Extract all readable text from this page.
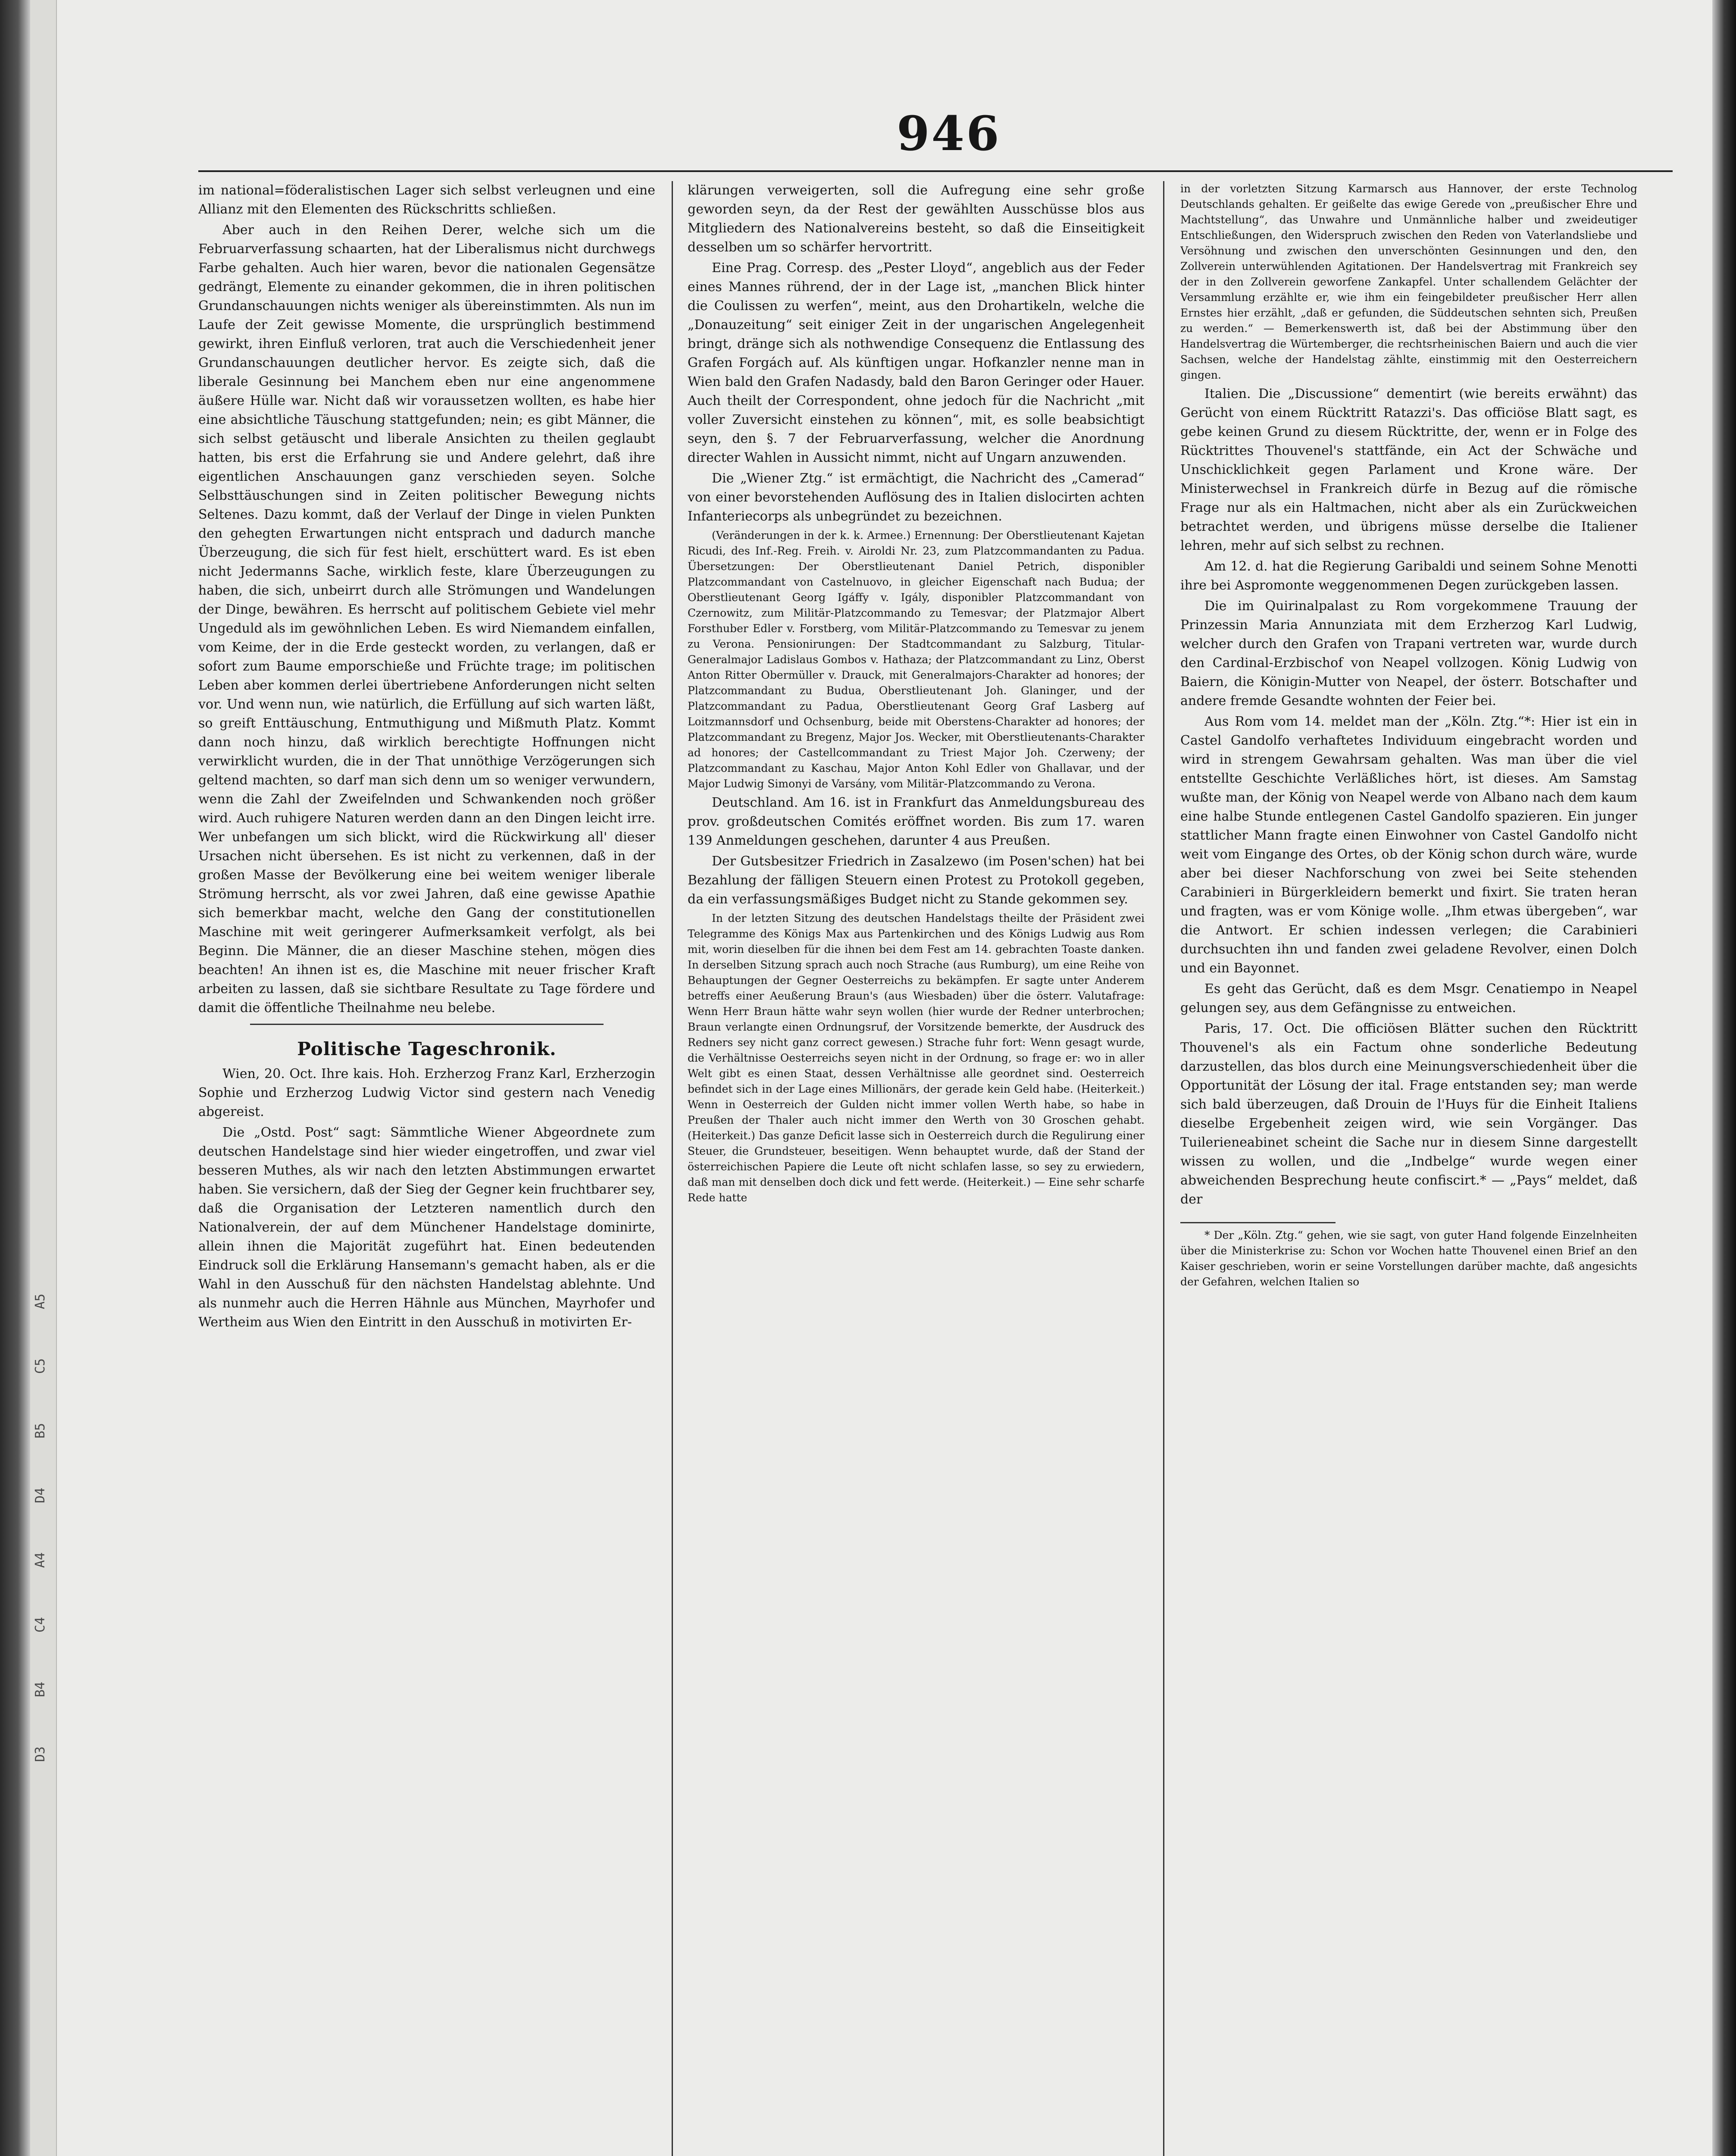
A5
C5
B5
D4
A4
C4
B4
D3
946

im national=föderalistischen Lager sich selbst verleugnen und eine Allianz mit den Elementen des Rückschritts schließen.

Aber auch in den Reihen Derer, welche sich um die Februarverfassung schaarten, hat der Liberalismus nicht durchwegs Farbe gehalten. Auch hier waren, bevor die nationalen Gegensätze gedrängt, Elemente zu einander gekommen, die in ihren politischen Grundanschauungen nichts weniger als übereinstimmten. Als nun im Laufe der Zeit gewisse Momente, die ursprünglich bestimmend gewirkt, ihren Einfluß verloren, trat auch die Verschiedenheit jener Grundanschauungen deutlicher hervor. Es zeigte sich, daß die liberale Gesinnung bei Manchem eben nur eine angenommene äußere Hülle war. Nicht daß wir voraussetzen wollten, es habe hier eine absichtliche Täuschung stattgefunden; nein; es gibt Männer, die sich selbst getäuscht und liberale Ansichten zu theilen geglaubt hatten, bis erst die Erfahrung sie und Andere gelehrt, daß ihre eigentlichen Anschauungen ganz verschieden seyen. Solche Selbsttäuschungen sind in Zeiten politischer Bewegung nichts Seltenes. Dazu kommt, daß der Verlauf der Dinge in vielen Punkten den gehegten Erwartungen nicht entsprach und dadurch manche Überzeugung, die sich für fest hielt, erschüttert ward. Es ist eben nicht Jedermanns Sache, wirklich feste, klare Überzeugungen zu haben, die sich, unbeirrt durch alle Strömungen und Wandelungen der Dinge, bewähren. Es herrscht auf politischem Gebiete viel mehr Ungeduld als im gewöhnlichen Leben. Es wird Niemandem einfallen, vom Keime, der in die Erde gesteckt worden, zu verlangen, daß er sofort zum Baume emporschieße und Früchte trage; im politischen Leben aber kommen derlei übertriebene Anforderungen nicht selten vor. Und wenn nun, wie natürlich, die Erfüllung auf sich warten läßt, so greift Enttäuschung, Entmuthigung und Mißmuth Platz. Kommt dann noch hinzu, daß wirklich berechtigte Hoffnungen nicht verwirklicht wurden, die in der That unnöthige Verzögerungen sich geltend machten, so darf man sich denn um so weniger verwundern, wenn die Zahl der Zweifelnden und Schwankenden noch größer wird. Auch ruhigere Naturen werden dann an den Dingen leicht irre. Wer unbefangen um sich blickt, wird die Rückwirkung all' dieser Ursachen nicht übersehen. Es ist nicht zu verkennen, daß in der großen Masse der Bevölkerung eine bei weitem weniger liberale Strömung herrscht, als vor zwei Jahren, daß eine gewisse Apathie sich bemerkbar macht, welche den Gang der constitutionellen Maschine mit weit geringerer Aufmerksamkeit verfolgt, als bei Beginn. Die Männer, die an dieser Maschine stehen, mögen dies beachten! An ihnen ist es, die Maschine mit neuer frischer Kraft arbeiten zu lassen, daß sie sichtbare Resultate zu Tage fördere und damit die öffentliche Theilnahme neu belebe.

Politische Tageschronik.

Wien, 20. Oct. Ihre kais. Hoh. Erzherzog Franz Karl, Erzherzogin Sophie und Erzherzog Ludwig Victor sind gestern nach Venedig abgereist.

Die „Ostd. Post“ sagt: Sämmtliche Wiener Abgeordnete zum deutschen Handelstage sind hier wieder eingetroffen, und zwar viel besseren Muthes, als wir nach den letzten Abstimmungen erwartet haben. Sie versichern, daß der Sieg der Gegner kein fruchtbarer sey, daß die Organisation der Letzteren namentlich durch den Nationalverein, der auf dem Münchener Handelstage dominirte, allein ihnen die Majorität zugeführt hat. Einen bedeutenden Eindruck soll die Erklärung Hansemann's gemacht haben, als er die Wahl in den Ausschuß für den nächsten Handelstag ablehnte. Und als nunmehr auch die Herren Hähnle aus München, Mayrhofer und Wertheim aus Wien den Eintritt in den Ausschuß in motivirten Er-

klärungen verweigerten, soll die Aufregung eine sehr große geworden seyn, da der Rest der gewählten Ausschüsse blos aus Mitgliedern des Nationalvereins besteht, so daß die Einseitigkeit desselben um so schärfer hervortritt.

Eine Prag. Corresp. des „Pester Lloyd“, angeblich aus der Feder eines Mannes rührend, der in der Lage ist, „manchen Blick hinter die Coulissen zu werfen“, meint, aus den Drohartikeln, welche die „Donauzeitung“ seit einiger Zeit in der ungarischen Angelegenheit bringt, dränge sich als nothwendige Consequenz die Entlassung des Grafen Forgách auf. Als künftigen ungar. Hofkanzler nenne man in Wien bald den Grafen Nadasdy, bald den Baron Geringer oder Hauer. Auch theilt der Correspondent, ohne jedoch für die Nachricht „mit voller Zuversicht einstehen zu können“, mit, es solle beabsichtigt seyn, den §. 7 der Februarverfassung, welcher die Anordnung directer Wahlen in Aussicht nimmt, nicht auf Ungarn anzuwenden.

Die „Wiener Ztg.“ ist ermächtigt, die Nachricht des „Camerad“ von einer bevorstehenden Auflösung des in Italien dislocirten achten Infanteriecorps als unbegründet zu bezeichnen.

(Veränderungen in der k. k. Armee.) Ernennung: Der Oberstlieutenant Kajetan Ricudi, des Inf.-Reg. Freih. v. Airoldi Nr. 23, zum Platzcommandanten zu Padua. Übersetzungen: Der Oberstlieutenant Daniel Petrich, disponibler Platzcommandant von Castelnuovo, in gleicher Eigenschaft nach Budua; der Oberstlieutenant Georg Igáffy v. Igály, disponibler Platzcommandant von Czernowitz, zum Militär-Platzcommando zu Temesvar; der Platzmajor Albert Forsthuber Edler v. Forstberg, vom Militär-Platzcommando zu Temesvar zu jenem zu Verona. Pensionirungen: Der Stadtcommandant zu Salzburg, Titular-Generalmajor Ladislaus Gombos v. Hathaza; der Platzcommandant zu Linz, Oberst Anton Ritter Obermüller v. Drauck, mit Generalmajors-Charakter ad honores; der Platzcommandant zu Budua, Oberstlieutenant Joh. Glaninger, und der Platzcommandant zu Padua, Oberstlieutenant Georg Graf Lasberg auf Loitzmannsdorf und Ochsenburg, beide mit Oberstens-Charakter ad honores; der Platzcommandant zu Bregenz, Major Jos. Wecker, mit Oberstlieutenants-Charakter ad honores; der Castellcommandant zu Triest Major Joh. Czerweny; der Platzcommandant zu Kaschau, Major Anton Kohl Edler von Ghallavar, und der Major Ludwig Simonyi de Varsány, vom Militär-Platzcommando zu Verona.

Deutschland. Am 16. ist in Frankfurt das Anmeldungsbureau des prov. großdeutschen Comités eröffnet worden. Bis zum 17. waren 139 Anmeldungen geschehen, darunter 4 aus Preußen.

Der Gutsbesitzer Friedrich in Zasalzewo (im Posen'schen) hat bei Bezahlung der fälligen Steuern einen Protest zu Protokoll gegeben, da ein verfassungsmäßiges Budget nicht zu Stande gekommen sey.

In der letzten Sitzung des deutschen Handelstags theilte der Präsident zwei Telegramme des Königs Max aus Partenkirchen und des Königs Ludwig aus Rom mit, worin dieselben für die ihnen bei dem Fest am 14. gebrachten Toaste danken. In derselben Sitzung sprach auch noch Strache (aus Rumburg), um eine Reihe von Behauptungen der Gegner Oesterreichs zu bekämpfen. Er sagte unter Anderem betreffs einer Aeußerung Braun's (aus Wiesbaden) über die österr. Valutafrage: Wenn Herr Braun hätte wahr seyn wollen (hier wurde der Redner unterbrochen; Braun verlangte einen Ordnungsruf, der Vorsitzende bemerkte, der Ausdruck des Redners sey nicht ganz correct gewesen.) Strache fuhr fort: Wenn gesagt wurde, die Verhältnisse Oesterreichs seyen nicht in der Ordnung, so frage er: wo in aller Welt gibt es einen Staat, dessen Verhältnisse alle geordnet sind. Oesterreich befindet sich in der Lage eines Millionärs, der gerade kein Geld habe. (Heiterkeit.) Wenn in Oesterreich der Gulden nicht immer vollen Werth habe, so habe in Preußen der Thaler auch nicht immer den Werth von 30 Groschen gehabt. (Heiterkeit.) Das ganze Deficit lasse sich in Oesterreich durch die Regulirung einer Steuer, die Grundsteuer, beseitigen. Wenn behauptet wurde, daß der Stand der österreichischen Papiere die Leute oft nicht schlafen lasse, so sey zu erwiedern, daß man mit denselben doch dick und fett werde. (Heiterkeit.) — Eine sehr scharfe Rede hatte

in der vorletzten Sitzung Karmarsch aus Hannover, der erste Technolog Deutschlands gehalten. Er geißelte das ewige Gerede von „preußischer Ehre und Machtstellung“, das Unwahre und Unmännliche halber und zweideutiger Entschließungen, den Widerspruch zwischen den Reden von Vaterlandsliebe und Versöhnung und zwischen den unverschönten Gesinnungen und den, den Zollverein unterwühlenden Agitationen. Der Handelsvertrag mit Frankreich sey der in den Zollverein geworfene Zankapfel. Unter schallendem Gelächter der Versammlung erzählte er, wie ihm ein feingebildeter preußischer Herr allen Ernstes hier erzählt, „daß er gefunden, die Süddeutschen sehnten sich, Preußen zu werden.“ — Bemerkenswerth ist, daß bei der Abstimmung über den Handelsvertrag die Würtemberger, die rechtsrheinischen Baiern und auch die vier Sachsen, welche der Handelstag zählte, einstimmig mit den Oesterreichern gingen.

Italien. Die „Discussione“ dementirt (wie bereits erwähnt) das Gerücht von einem Rücktritt Ratazzi's. Das officiöse Blatt sagt, es gebe keinen Grund zu diesem Rücktritte, der, wenn er in Folge des Rücktrittes Thouvenel's stattfände, ein Act der Schwäche und Unschicklichkeit gegen Parlament und Krone wäre. Der Ministerwechsel in Frankreich dürfe in Bezug auf die römische Frage nur als ein Haltmachen, nicht aber als ein Zurückweichen betrachtet werden, und übrigens müsse derselbe die Italiener lehren, mehr auf sich selbst zu rechnen.

Am 12. d. hat die Regierung Garibaldi und seinem Sohne Menotti ihre bei Aspromonte weggenommenen Degen zurückgeben lassen.

Die im Quirinalpalast zu Rom vorgekommene Trauung der Prinzessin Maria Annunziata mit dem Erzherzog Karl Ludwig, welcher durch den Grafen von Trapani vertreten war, wurde durch den Cardinal-Erzbischof von Neapel vollzogen. König Ludwig von Baiern, die Königin-Mutter von Neapel, der österr. Botschafter und andere fremde Gesandte wohnten der Feier bei.

Aus Rom vom 14. meldet man der „Köln. Ztg.“*: Hier ist ein in Castel Gandolfo verhaftetes Individuum eingebracht worden und wird in strengem Gewahrsam gehalten. Was man über die viel entstellte Geschichte Verläßliches hört, ist dieses. Am Samstag wußte man, der König von Neapel werde von Albano nach dem kaum eine halbe Stunde entlegenen Castel Gandolfo spazieren. Ein junger stattlicher Mann fragte einen Einwohner von Castel Gandolfo nicht weit vom Eingange des Ortes, ob der König schon durch wäre, wurde aber bei dieser Nachforschung von zwei bei Seite stehenden Carabinieri in Bürgerkleidern bemerkt und fixirt. Sie traten heran und fragten, was er vom Könige wolle. „Ihm etwas übergeben“, war die Antwort. Er schien indessen verlegen; die Carabinieri durchsuchten ihn und fanden zwei geladene Revolver, einen Dolch und ein Bayonnet.

Es geht das Gerücht, daß es dem Msgr. Cenatiempo in Neapel gelungen sey, aus dem Gefängnisse zu entweichen.

Paris, 17. Oct. Die officiösen Blätter suchen den Rücktritt Thouvenel's als ein Factum ohne sonderliche Bedeutung darzustellen, das blos durch eine Meinungsverschiedenheit über die Opportunität der Lösung der ital. Frage entstanden sey; man werde sich bald überzeugen, daß Drouin de l'Huys für die Einheit Italiens dieselbe Ergebenheit zeigen wird, wie sein Vorgänger. Das Tuilerieneabinet scheint die Sache nur in diesem Sinne dargestellt wissen zu wollen, und die „Indbelge“ wurde wegen einer abweichenden Besprechung heute confiscirt.* — „Pays“ meldet, daß der

* Der „Köln. Ztg.“ gehen, wie sie sagt, von guter Hand folgende Einzelnheiten über die Ministerkrise zu: Schon vor Wochen hatte Thouvenel einen Brief an den Kaiser geschrieben, worin er seine Vorstellungen darüber machte, daß angesichts der Gefahren, welchen Italien so
